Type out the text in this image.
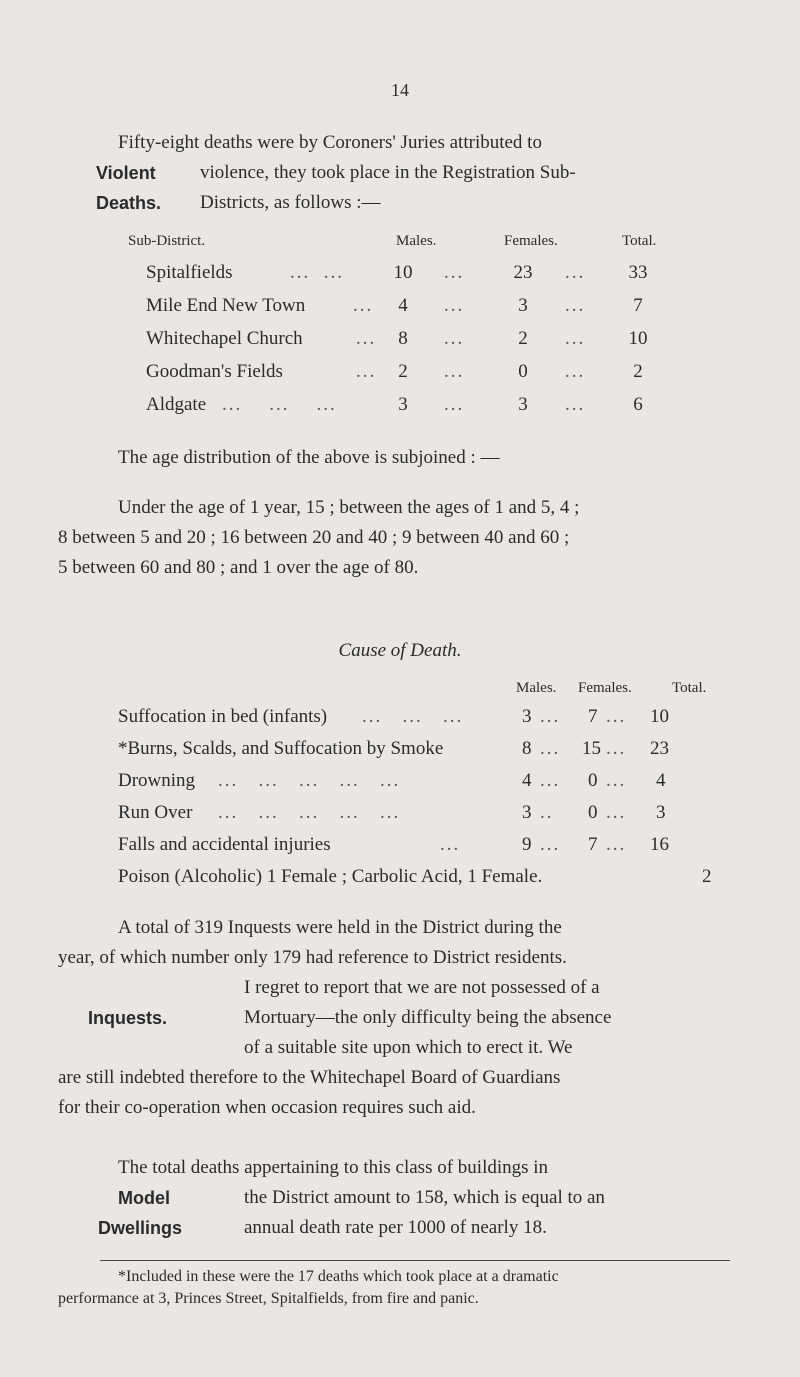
14
Fifty-eight deaths were by Coroners' Juries attributed to
Violent violence, they took place in the Registration Sub-
Deaths. Districts, as follows :—
Sub-District.	Males.	Females.	Total.
Spitalfields	...  ...	10	...	23	...	33
Mile End New Town	...	4	...	3	...	7
Whitechapel Church	...	8	...	2	...	10
Goodman's Fields	...	2	...	0	...	2
Aldgate ...    ...    ...	3	...	3	...	6
The age distribution of the above is subjoined : —
Under the age of 1 year, 15 ; between the ages of 1 and 5, 4 ;
8 between 5 and 20 ; 16 between 20 and 40 ; 9 between 40 and 60 ;
5 between 60 and 80 ; and 1 over the age of 80.
Cause of Death.
Males. Females.	Total.
Suffocation in bed (infants) ...   ...   ...	3 ... 7 ... 10
*Burns, Scalds, and Suffocation by Smoke	8 ... 15 ... 23
Drowning ...   ...   ...   ...   ...	4 ... 0 ... 4
Run Over ...   ...   ...   ...   ...	3 .. 0 ... 3
Falls and accidental injuries	...	9 ... 7 ... 16
Poison (Alcoholic) 1 Female ; Carbolic Acid, 1 Female.	2
A total of 319 Inquests were held in the District during the
year, of which number only 179 had reference to District residents.
I regret to report that we are not possessed of a
Inquests.	Mortuary—the only difficulty being the absence
of a suitable site upon which to erect it. We
are still indebted therefore to the Whitechapel Board of Guardians
for their co-operation when occasion requires such aid.
The total deaths appertaining to this class of buildings in
Model	the District amount to 158, which is equal to an
Dwellings	annual death rate per 1000 of nearly 18.
*Included in these were the 17 deaths which took place at a dramatic
performance at 3, Princes Street, Spitalfields, from fire and panic.
